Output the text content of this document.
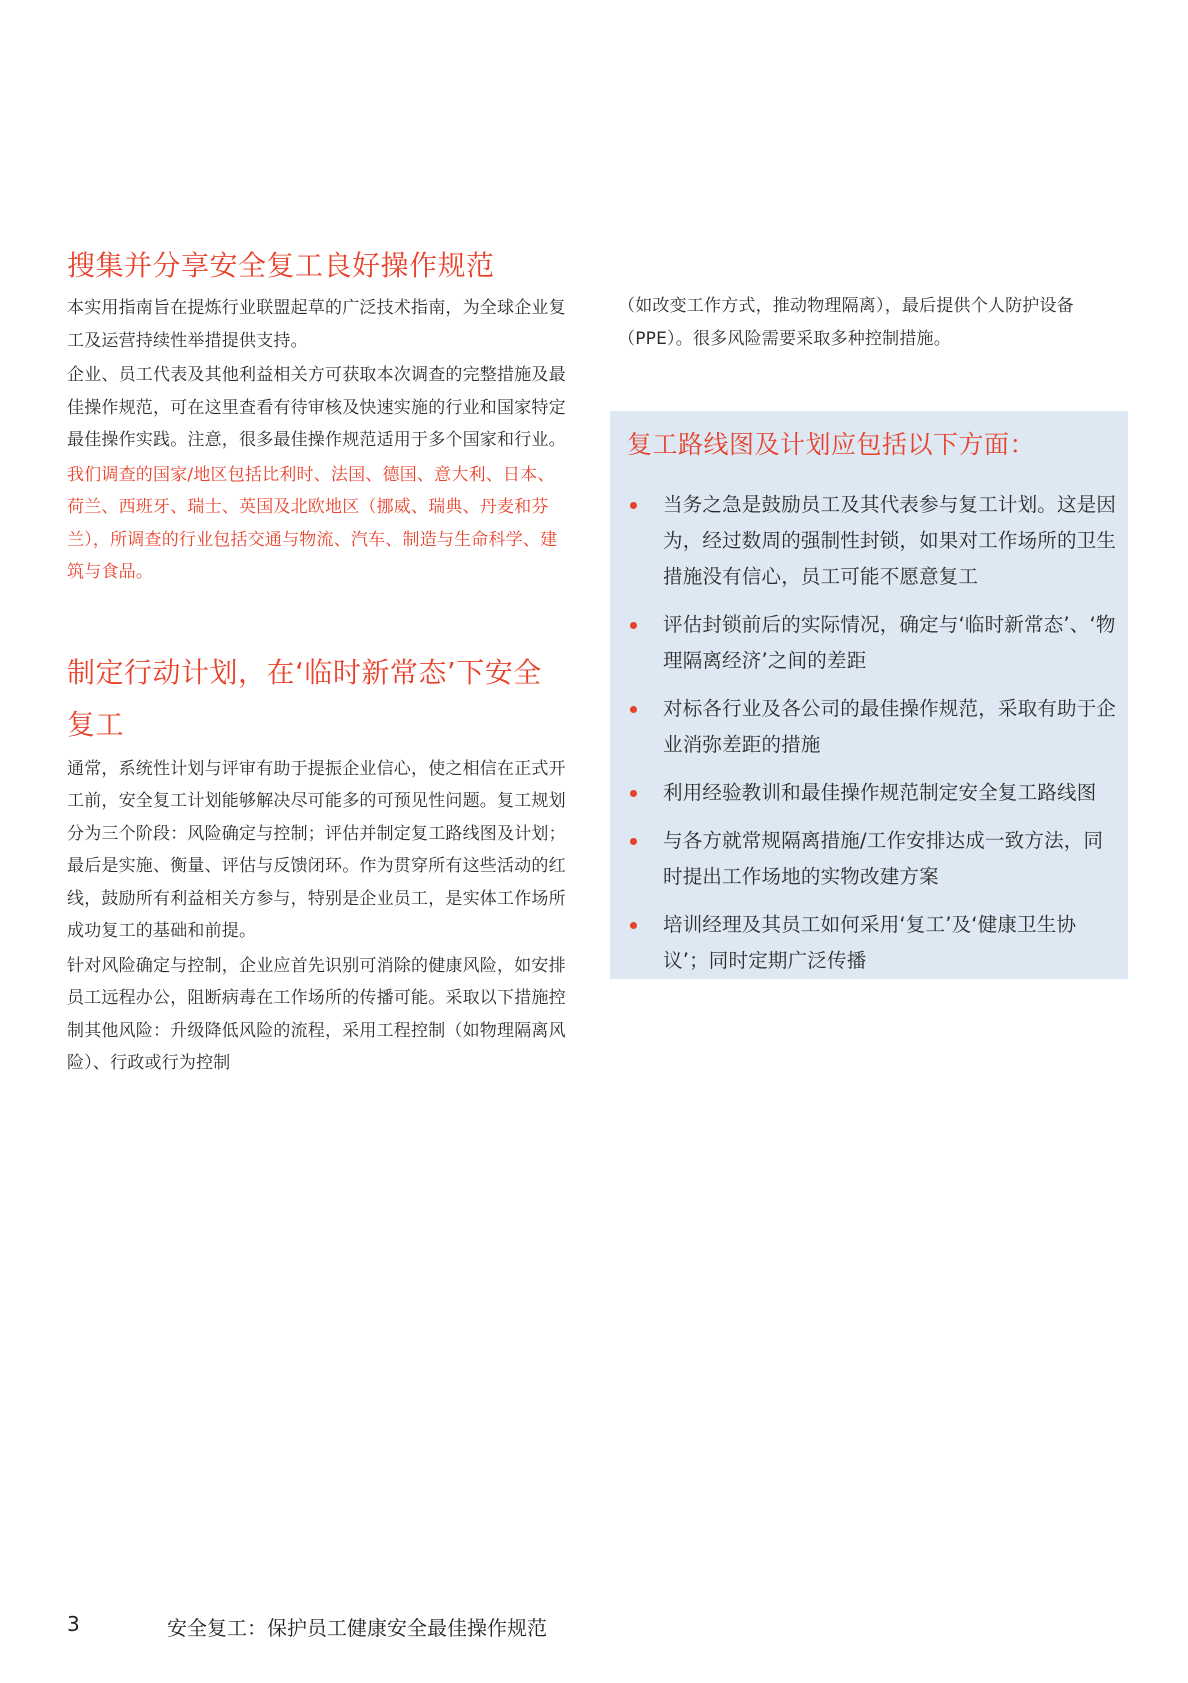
搜集并分享安全复工良好操作规范

本实用指南旨在提炼行业联盟起草的广泛技术指南，为全球企业复工及运营持续性举措提供支持。

企业、员工代表及其他利益相关方可获取本次调查的完整措施及最佳操作规范，可在这里查看有待审核及快速实施的行业和国家特定最佳操作实践。注意，很多最佳操作规范适用于多个国家和行业。

我们调查的国家/地区包括比利时、法国、德国、意大利、日本、荷兰、西班牙、瑞士、英国及北欧地区（挪威、瑞典、丹麦和芬兰），所调查的行业包括交通与物流、汽车、制造与生命科学、建筑与食品。

制定行动计划，在‘临时新常态’下安全复工

通常，系统性计划与评审有助于提振企业信心，使之相信在正式开工前，安全复工计划能够解决尽可能多的可预见性问题。复工规划分为三个阶段：风险确定与控制；评估并制定复工路线图及计划；最后是实施、衡量、评估与反馈闭环。作为贯穿所有这些活动的红线，鼓励所有利益相关方参与，特别是企业员工，是实体工作场所成功复工的基础和前提。

针对风险确定与控制，企业应首先识别可消除的健康风险，如安排员工远程办公，阻断病毒在工作场所的传播可能。采取以下措施控制其他风险：升级降低风险的流程，采用工程控制（如物理隔离风险）、行政或行为控制

（如改变工作方式，推动物理隔离），最后提供个人防护设备（PPE）。很多风险需要采取多种控制措施。

复工路线图及计划应包括以下方面：
当务之急是鼓励员工及其代表参与复工计划。这是因为，经过数周的强制性封锁，如果对工作场所的卫生措施没有信心，员工可能不愿意复工
评估封锁前后的实际情况，确定与‘临时新常态’、‘物理隔离经济’之间的差距
对标各行业及各公司的最佳操作规范，采取有助于企业消弥差距的措施
利用经验教训和最佳操作规范制定安全复工路线图
与各方就常规隔离措施/工作安排达成一致方法，同时提出工作场地的实物改建方案
培训经理及其员工如何采用‘复工’及‘健康卫生协议’；同时定期广泛传播
3	安全复工：保护员工健康安全最佳操作规范
